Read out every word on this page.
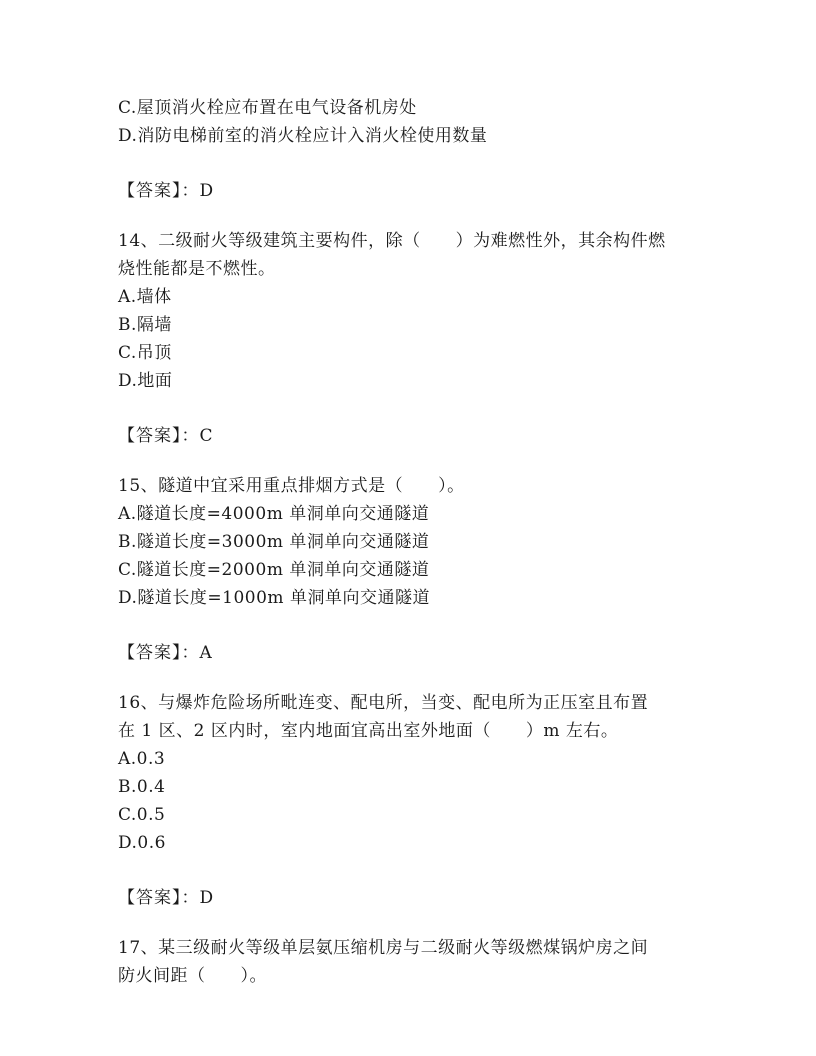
C.屋顶消火栓应布置在电气设备机房处
D.消防电梯前室的消火栓应计入消火栓使用数量
【答案】：D
14、二级耐火等级建筑主要构件，除（　　）为难燃性外，其余构件燃
烧性能都是不燃性。
A.墙体
B.隔墙
C.吊顶
D.地面
【答案】：C
15、隧道中宜采用重点排烟方式是（　　）。
A.隧道长度=4000m 单洞单向交通隧道
B.隧道长度=3000m 单洞单向交通隧道
C.隧道长度=2000m 单洞单向交通隧道
D.隧道长度=1000m 单洞单向交通隧道
【答案】：A
16、与爆炸危险场所毗连变、配电所，当变、配电所为正压室且布置
在 1 区、2 区内时，室内地面宜高出室外地面（　　）m 左右。
A.0.3
B.0.4
C.0.5
D.0.6
【答案】：D
17、某三级耐火等级单层氨压缩机房与二级耐火等级燃煤锅炉房之间
防火间距（　　）。
